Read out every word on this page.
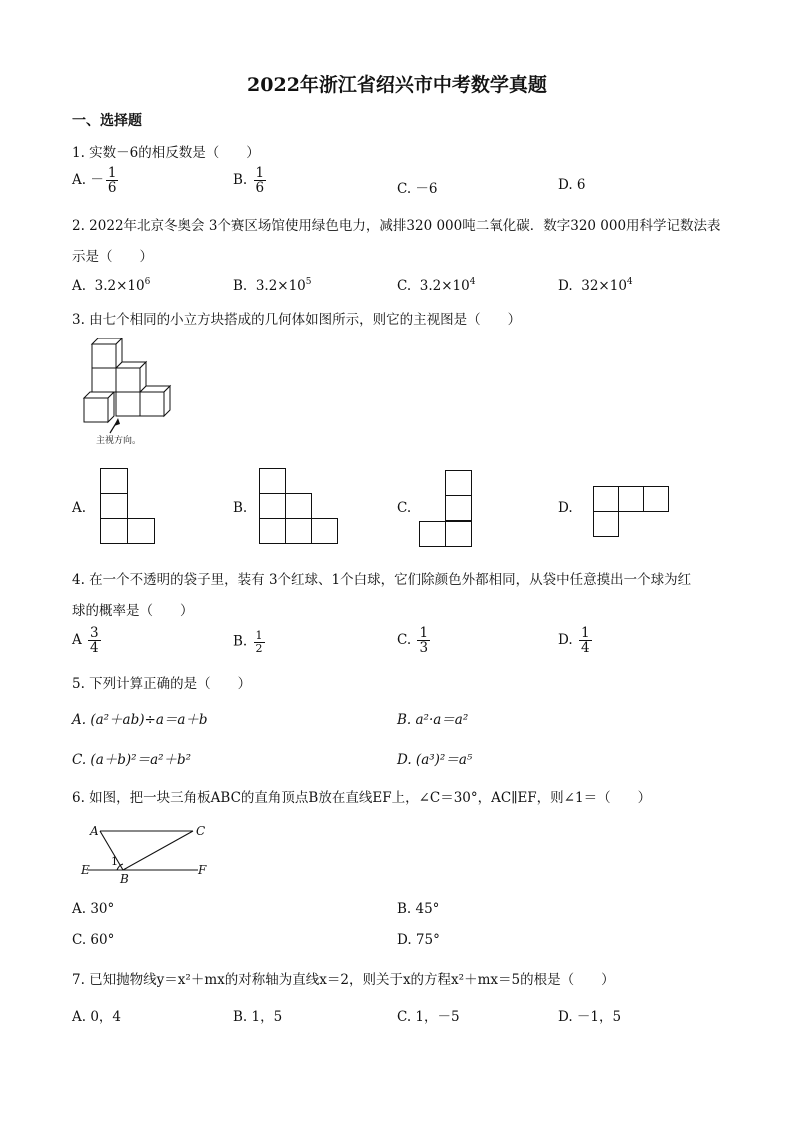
2022年浙江省绍兴市中考数学真题
一、选择题
1. 实数－6的相反数是（　　）
A. － $\frac{1}{6}$	B. $\frac{1}{6}$	C. －6	D. 6
2. 2022年北京冬奥会 3个赛区场馆使用绿色电力，减排320 000吨二氧化碳．数字320 000用科学记数法表
示是（　　）
A. $3.2\times 10^6$	B. $3.2\times 10^5$	C. $3.2\times 10^4$	D. $32\times 10^4$
3. 由七个相同的小立方块搭成的几何体如图所示，则它的主视图是（　　）
主视方向。
A.	B.	C.	D.
4. 在一个不透明的袋子里，装有 3个红球、1个白球，它们除颜色外都相同，从袋中任意摸出一个球为红
球的概率是（　　）
A $\frac{3}{4}$	B. $\frac{1}{2}$	C. $\frac{1}{3}$	D. $\frac{1}{4}$
5. 下列计算正确的是（　　）
A. (a²＋ab)÷a＝a＋b	B. a²·a＝a²
C. (a＋b)²＝a²＋b²	D. (a³)²＝a⁵
6. 如图，把一块三角板ABC的直角顶点B放在直线EF上，∠C＝30°，AC∥EF，则∠1＝（　　）
A	C
E
1
B
F
A. 30°	B. 45°
C. 60°	D. 75°
7. 已知抛物线y＝x²＋mx的对称轴为直线x＝2，则关于x的方程x²＋mx＝5的根是（　　）
A. 0，4	B. 1，5	C. 1，－5	D. －1，5
